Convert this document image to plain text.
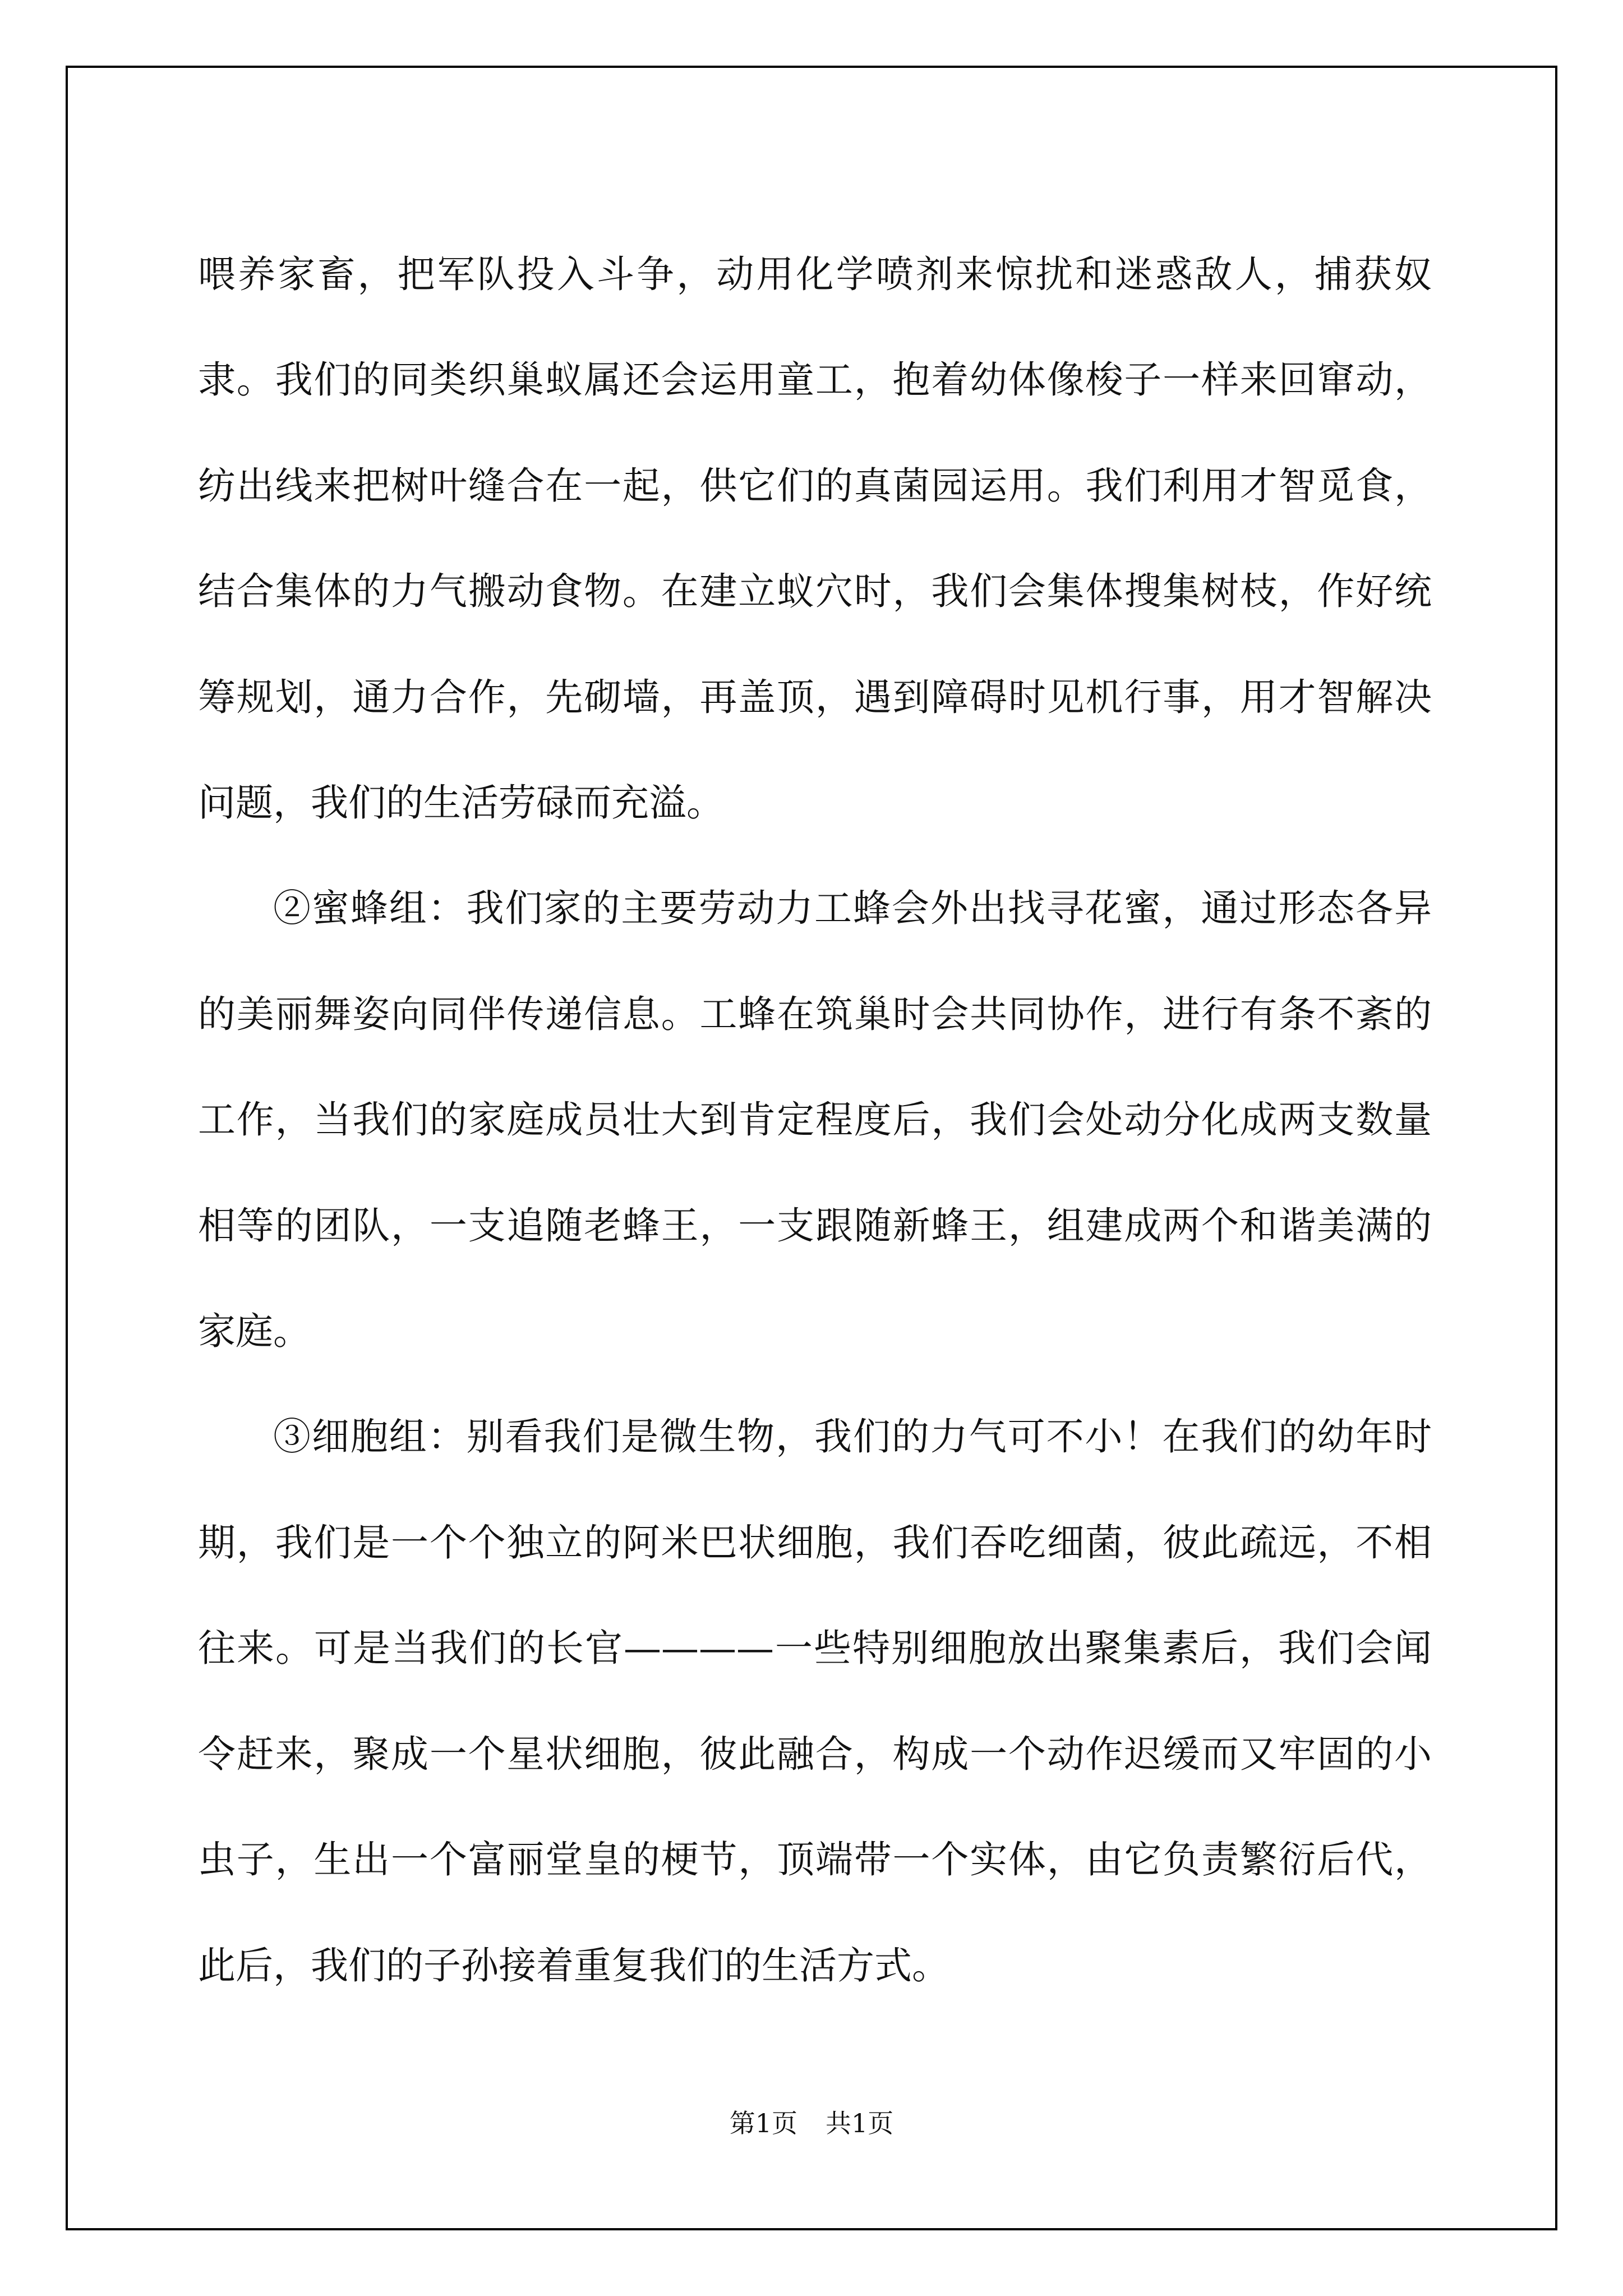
喂养家畜，把军队投入斗争，动用化学喷剂来惊扰和迷惑敌人，捕获奴隶。我们的同类织巢蚁属还会运用童工，抱着幼体像梭子一样来回窜动，纺出线来把树叶缝合在一起，供它们的真菌园运用。我们利用才智觅食，结合集体的力气搬动食物。在建立蚁穴时，我们会集体搜集树枝，作好统筹规划，通力合作，先砌墙，再盖顶，遇到障碍时见机行事，用才智解决问题，我们的生活劳碌而充溢。

②蜜蜂组：我们家的主要劳动力工蜂会外出找寻花蜜，通过形态各异的美丽舞姿向同伴传递信息。工蜂在筑巢时会共同协作，进行有条不紊的工作，当我们的家庭成员壮大到肯定程度后，我们会处动分化成两支数量相等的团队，一支追随老蜂王，一支跟随新蜂王，组建成两个和谐美满的家庭。

③细胞组：别看我们是微生物，我们的力气可不小！在我们的幼年时期，我们是一个个独立的阿米巴状细胞，我们吞吃细菌，彼此疏远，不相往来。可是当我们的长官————一些特别细胞放出聚集素后，我们会闻令赶来，聚成一个星状细胞，彼此融合，构成一个动作迟缓而又牢固的小虫子，生出一个富丽堂皇的梗节，顶端带一个实体，由它负责繁衍后代，此后，我们的子孙接着重复我们的生活方式。

第1页 共1页
